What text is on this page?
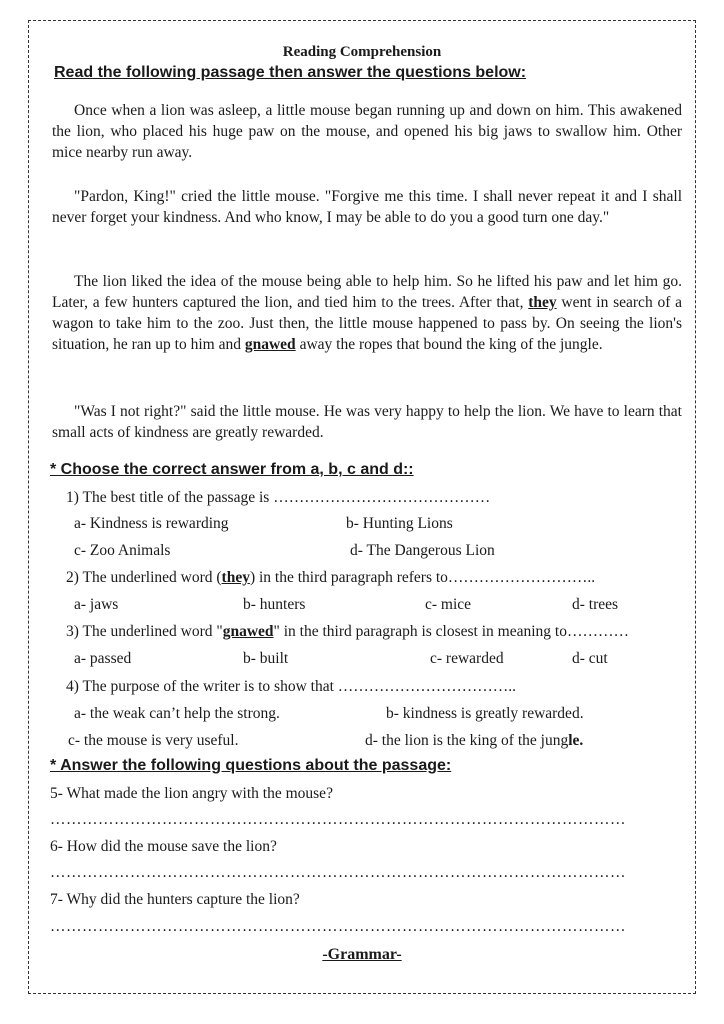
Reading Comprehension
Read the following passage then answer the questions below:

Once when a lion was asleep, a little mouse began running up and down on him. This awakened the lion, who placed his huge paw on the mouse, and opened his big jaws to swallow him. Other mice nearby run away.

"Pardon, King!" cried the little mouse. "Forgive me this time. I shall never repeat it and I shall never forget your kindness. And who know, I may be able to do you a good turn one day."

The lion liked the idea of the mouse being able to help him. So he lifted his paw and let him go. Later, a few hunters captured the lion, and tied him to the trees. After that, they went in search of a wagon to take him to the zoo. Just then, the little mouse happened to pass by. On seeing the lion's situation, he ran up to him and gnawed away the ropes that bound the king of the jungle.

"Was I not right?" said the little mouse. He was very happy to help the lion. We have to learn that small acts of kindness are greatly rewarded.

* Choose the correct answer from a, b, c and d::
1) The best title of the passage is ……………………………………
a- Kindness is rewarding	b- Hunting Lions
c- Zoo Animals	d- The Dangerous Lion
2) The underlined word (they) in the third paragraph refers to………………………..
a- jaws	b- hunters	c- mice	d- trees
3) The underlined word "gnawed" in the third paragraph is closest in meaning to…………
a- passed	b- built	c- rewarded	d- cut
4) The purpose of the writer is to show that ……………………………..
a- the weak can’t help the strong.	b- kindness is greatly rewarded.
c- the mouse is very useful.	d- the lion is the king of the jungle.
* Answer the following questions about the passage:
5- What made the lion angry with the mouse?
………………………………………………………………………………………………
6- How did the mouse save the lion?
………………………………………………………………………………………………
7- Why did the hunters capture the lion?
………………………………………………………………………………………………
-Grammar-
